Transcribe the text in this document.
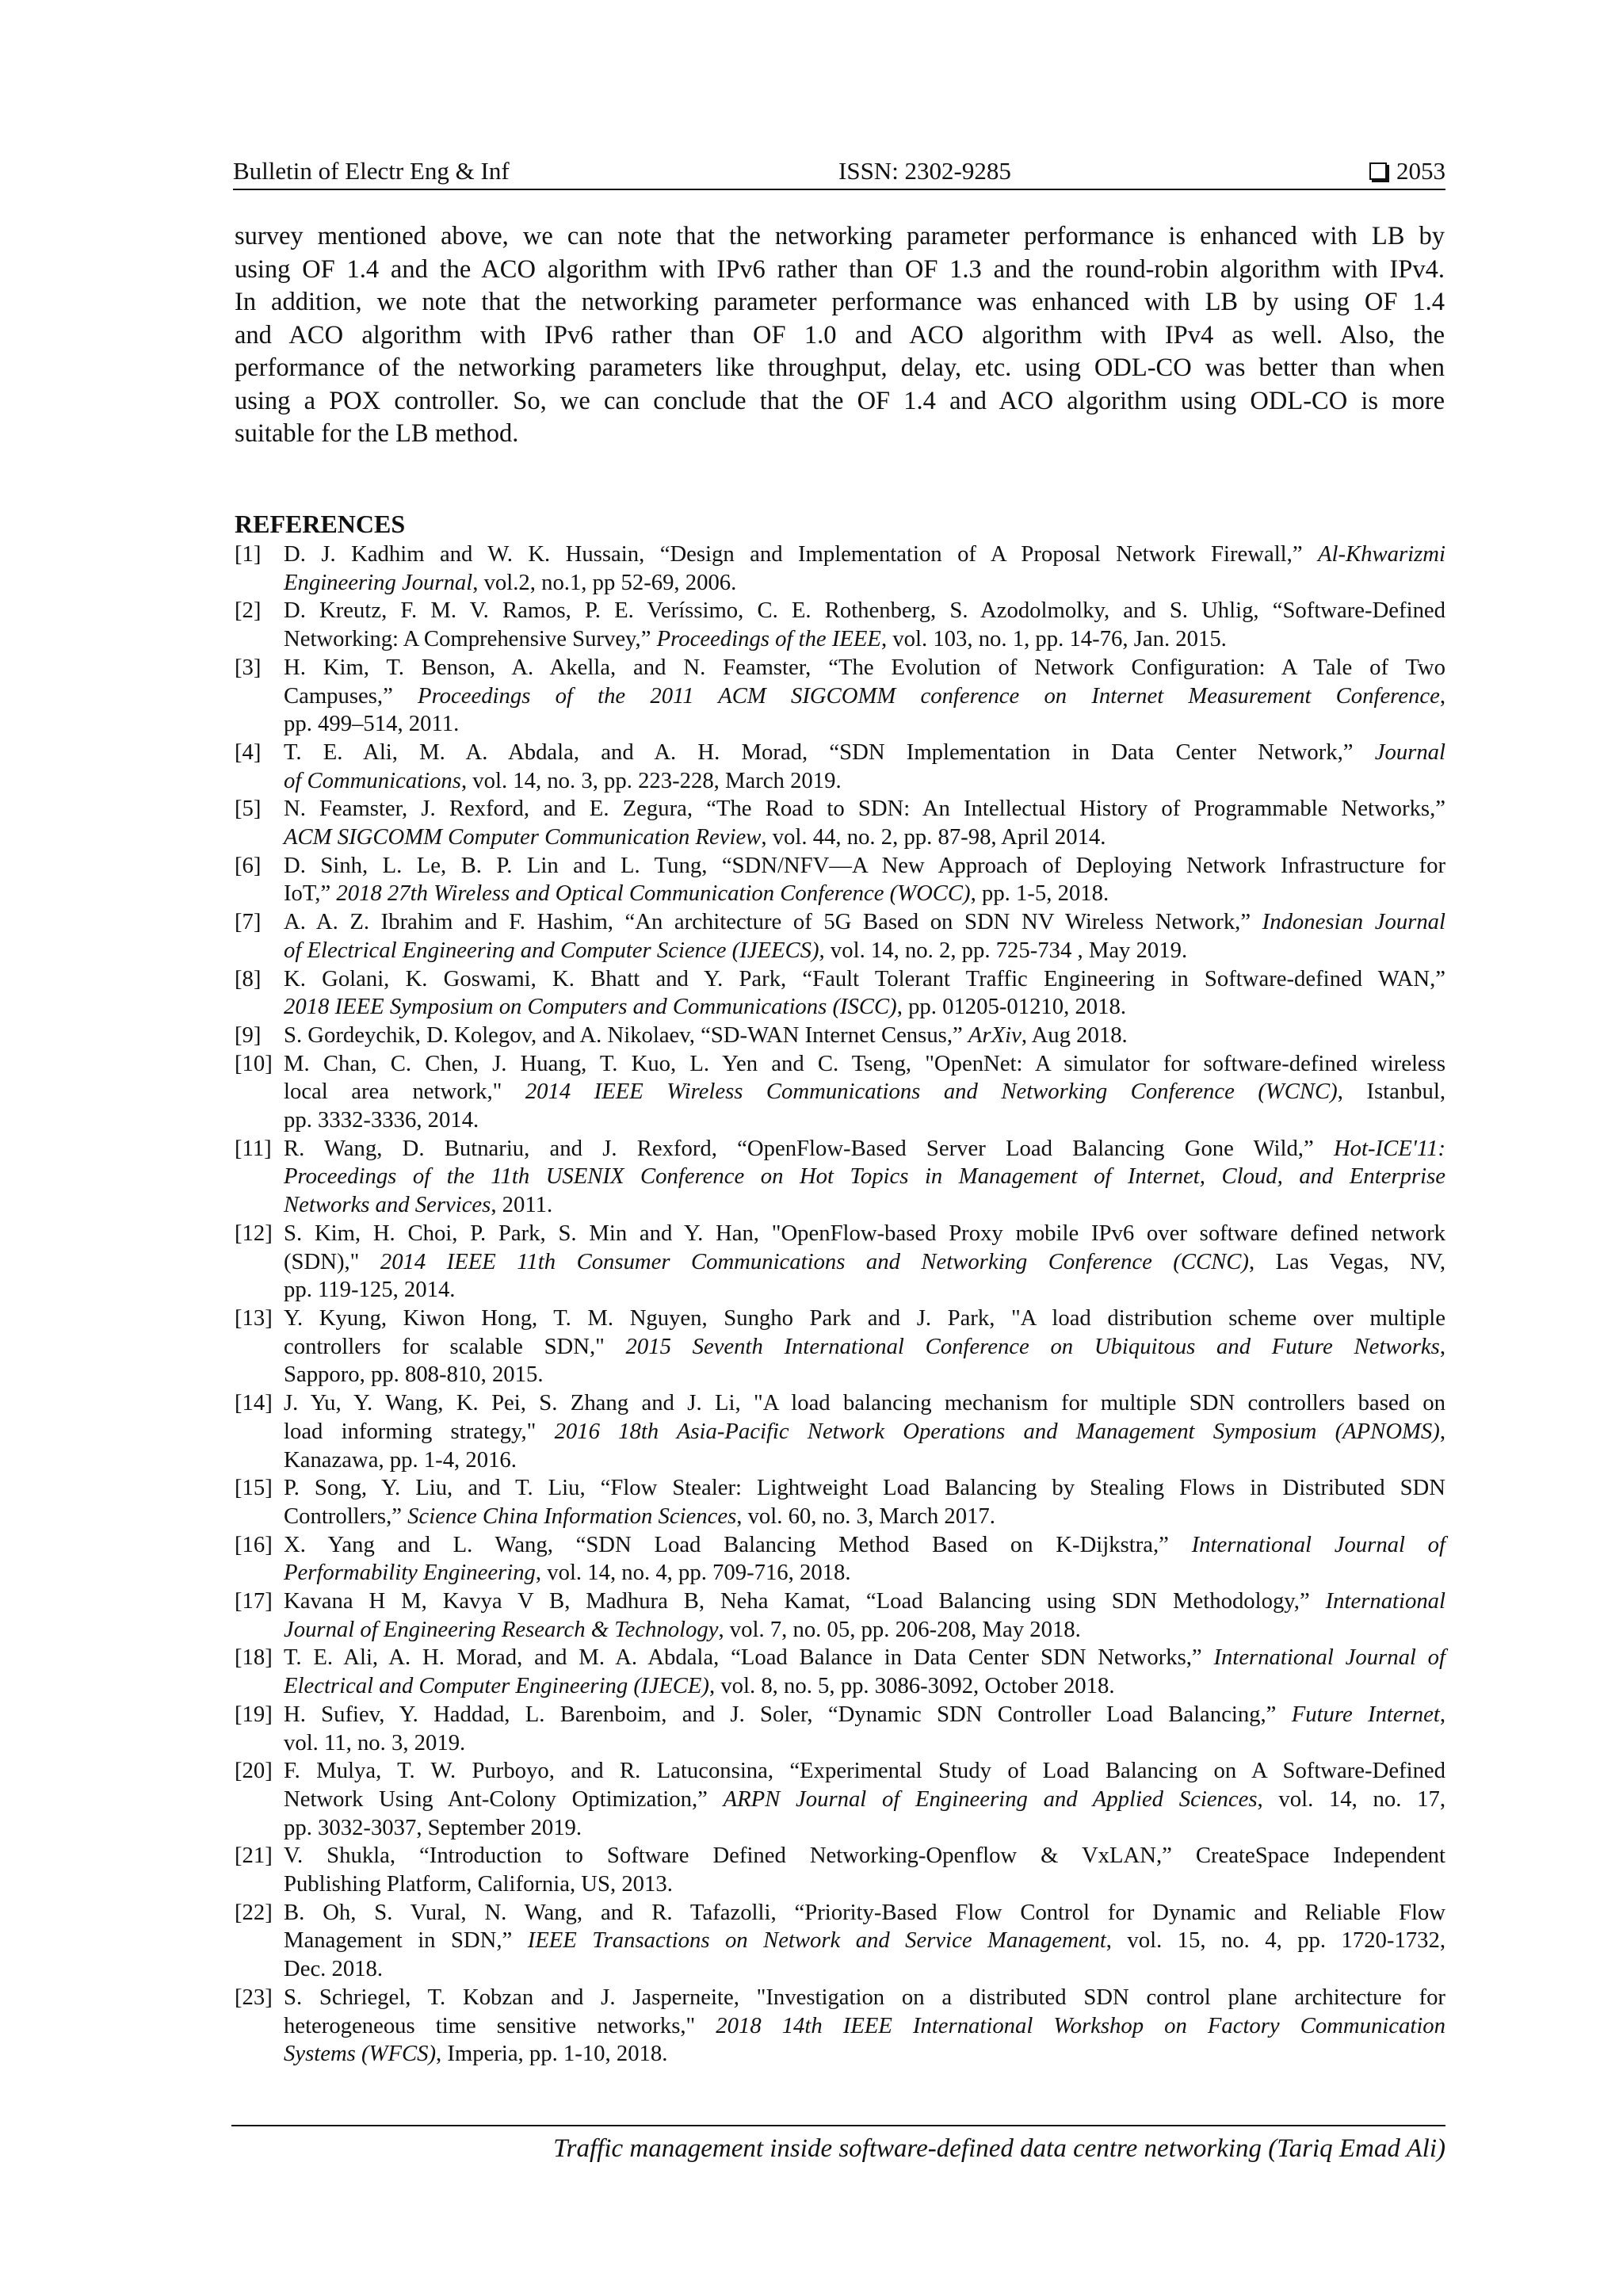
Bulletin of Electr Eng & Inf	ISSN: 2302-9285	2053

survey mentioned above, we can note that the networking parameter performance is enhanced with LB by
using OF 1.4 and the ACO algorithm with IPv6 rather than OF 1.3 and the round-robin algorithm with IPv4.
In addition, we note that the networking parameter performance was enhanced with LB by using OF 1.4
and ACO algorithm with IPv6 rather than OF 1.0 and ACO algorithm with IPv4 as well. Also, the
performance of the networking parameters like throughput, delay, etc. using ODL-CO was better than when
using a POX controller. So, we can conclude that the OF 1.4 and ACO algorithm using ODL-CO is more
suitable for the LB method.

REFERENCES
[1] D. J. Kadhim and W. K. Hussain, “Design and Implementation of A Proposal Network Firewall,” Al-Khwarizmi
Engineering Journal, vol.2, no.1, pp 52-69, 2006.
[2] D. Kreutz, F. M. V. Ramos, P. E. Veríssimo, C. E. Rothenberg, S. Azodolmolky, and S. Uhlig, “Software-Defined
Networking: A Comprehensive Survey,” Proceedings of the IEEE, vol. 103, no. 1, pp. 14-76, Jan. 2015.
[3] H. Kim, T. Benson, A. Akella, and N. Feamster, “The Evolution of Network Configuration: A Tale of Two
Campuses,” Proceedings of the 2011 ACM SIGCOMM conference on Internet Measurement Conference,
pp. 499–514, 2011.
[4] T. E. Ali, M. A. Abdala, and A. H. Morad, “SDN Implementation in Data Center Network,” Journal
of Communications, vol. 14, no. 3, pp. 223-228, March 2019.
[5] N. Feamster, J. Rexford, and E. Zegura, “The Road to SDN: An Intellectual History of Programmable Networks,”
ACM SIGCOMM Computer Communication Review, vol. 44, no. 2, pp. 87-98, April 2014.
[6] D. Sinh, L. Le, B. P. Lin and L. Tung, “SDN/NFV—A New Approach of Deploying Network Infrastructure for
IoT,” 2018 27th Wireless and Optical Communication Conference (WOCC), pp. 1-5, 2018.
[7] A. A. Z. Ibrahim and F. Hashim, “An architecture of 5G Based on SDN NV Wireless Network,” Indonesian Journal
of Electrical Engineering and Computer Science (IJEECS), vol. 14, no. 2, pp. 725-734 , May 2019.
[8] K. Golani, K. Goswami, K. Bhatt and Y. Park, “Fault Tolerant Traffic Engineering in Software-defined WAN,”
2018 IEEE Symposium on Computers and Communications (ISCC), pp. 01205-01210, 2018.
[9] S. Gordeychik, D. Kolegov, and A. Nikolaev, “SD-WAN Internet Census,” ArXiv, Aug 2018.
[10] M. Chan, C. Chen, J. Huang, T. Kuo, L. Yen and C. Tseng, "OpenNet: A simulator for software-defined wireless
local area network," 2014 IEEE Wireless Communications and Networking Conference (WCNC), Istanbul,
pp. 3332-3336, 2014.
[11] R. Wang, D. Butnariu, and J. Rexford, “OpenFlow-Based Server Load Balancing Gone Wild,” Hot-ICE'11:
Proceedings of the 11th USENIX Conference on Hot Topics in Management of Internet, Cloud, and Enterprise
Networks and Services, 2011.
[12] S. Kim, H. Choi, P. Park, S. Min and Y. Han, "OpenFlow-based Proxy mobile IPv6 over software defined network
(SDN)," 2014 IEEE 11th Consumer Communications and Networking Conference (CCNC), Las Vegas, NV,
pp. 119-125, 2014.
[13] Y. Kyung, Kiwon Hong, T. M. Nguyen, Sungho Park and J. Park, "A load distribution scheme over multiple
controllers for scalable SDN," 2015 Seventh International Conference on Ubiquitous and Future Networks,
Sapporo, pp. 808-810, 2015.
[14] J. Yu, Y. Wang, K. Pei, S. Zhang and J. Li, "A load balancing mechanism for multiple SDN controllers based on
load informing strategy," 2016 18th Asia-Pacific Network Operations and Management Symposium (APNOMS),
Kanazawa, pp. 1-4, 2016.
[15] P. Song, Y. Liu, and T. Liu, “Flow Stealer: Lightweight Load Balancing by Stealing Flows in Distributed SDN
Controllers,” Science China Information Sciences, vol. 60, no. 3, March 2017.
[16] X. Yang and L. Wang, “SDN Load Balancing Method Based on K-Dijkstra,” International Journal of
Performability Engineering, vol. 14, no. 4, pp. 709-716, 2018.
[17] Kavana H M, Kavya V B, Madhura B, Neha Kamat, “Load Balancing using SDN Methodology,” International
Journal of Engineering Research & Technology, vol. 7, no. 05, pp. 206-208, May 2018.
[18] T. E. Ali, A. H. Morad, and M. A. Abdala, “Load Balance in Data Center SDN Networks,” International Journal of
Electrical and Computer Engineering (IJECE), vol. 8, no. 5, pp. 3086-3092, October 2018.
[19] H. Sufiev, Y. Haddad, L. Barenboim, and J. Soler, “Dynamic SDN Controller Load Balancing,” Future Internet,
vol. 11, no. 3, 2019.
[20] F. Mulya, T. W. Purboyo, and R. Latuconsina, “Experimental Study of Load Balancing on A Software-Defined
Network Using Ant-Colony Optimization,” ARPN Journal of Engineering and Applied Sciences, vol. 14, no. 17,
pp. 3032-3037, September 2019.
[21] V. Shukla, “Introduction to Software Defined Networking-Openflow & VxLAN,” CreateSpace Independent
Publishing Platform, California, US, 2013.
[22] B. Oh, S. Vural, N. Wang, and R. Tafazolli, “Priority-Based Flow Control for Dynamic and Reliable Flow
Management in SDN,” IEEE Transactions on Network and Service Management, vol. 15, no. 4, pp. 1720-1732,
Dec. 2018.
[23] S. Schriegel, T. Kobzan and J. Jasperneite, "Investigation on a distributed SDN control plane architecture for
heterogeneous time sensitive networks," 2018 14th IEEE International Workshop on Factory Communication
Systems (WFCS), Imperia, pp. 1-10, 2018.
Traffic management inside software-defined data centre networking (Tariq Emad Ali)
